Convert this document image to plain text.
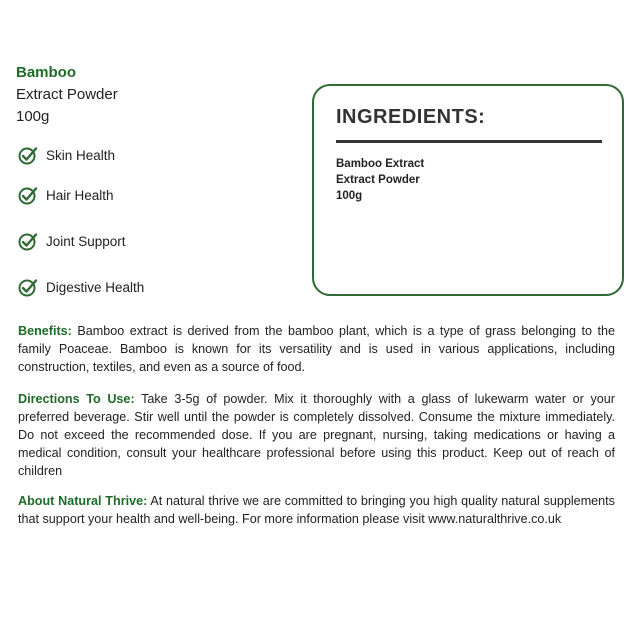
Bamboo
Extract Powder
100g
Skin Health
Hair Health
Joint Support
Digestive Health
INGREDIENTS:
Bamboo Extract
Extract Powder
100g
Benefits: Bamboo extract is derived from the bamboo plant, which is a type of grass belonging to the family Poaceae. Bamboo is known for its versatility and is used in various applications, including construction, textiles, and even as a source of food.
Directions To Use: Take 3-5g of powder. Mix it thoroughly with a glass of lukewarm water or your preferred beverage. Stir well until the powder is completely dissolved. Consume the mixture immediately. Do not exceed the recommended dose. If you are pregnant, nursing, taking medications or having a medical condition, consult your healthcare professional before using this product. Keep out of reach of children
About Natural Thrive: At natural thrive we are committed to bringing you high quality natural supplements that support your health and well-being. For more information please visit www.naturalthrive.co.uk
